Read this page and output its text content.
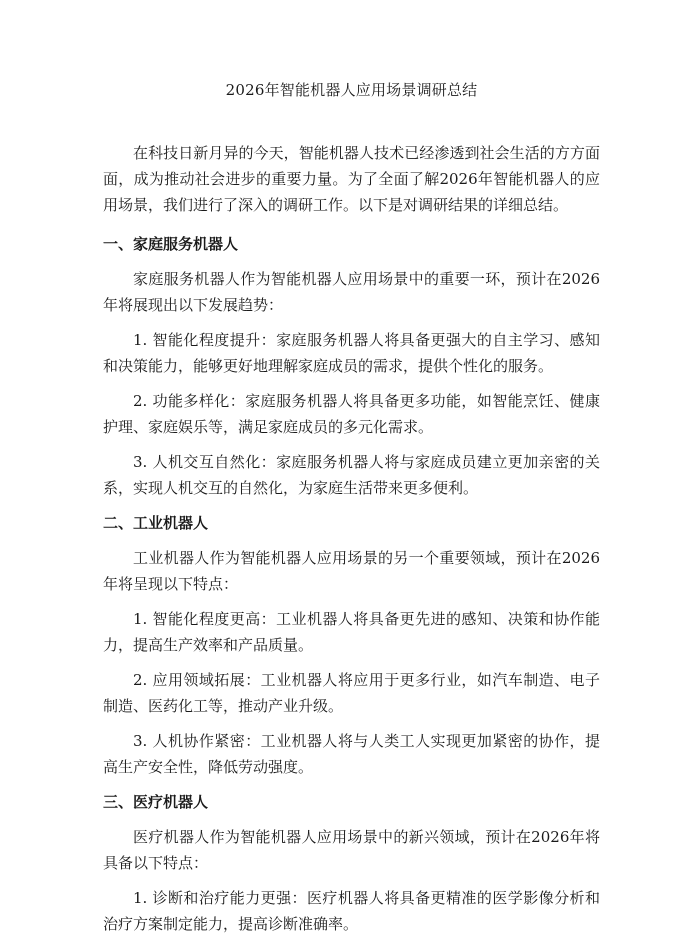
2026年智能机器人应用场景调研总结

在科技日新月异的今天，智能机器人技术已经渗透到社会生活的方方面面，成为推动社会进步的重要力量。为了全面了解2026年智能机器人的应用场景，我们进行了深入的调研工作。以下是对调研结果的详细总结。

一、家庭服务机器人

家庭服务机器人作为智能机器人应用场景中的重要一环，预计在2026年将展现出以下发展趋势：

1. 智能化程度提升：家庭服务机器人将具备更强大的自主学习、感知和决策能力，能够更好地理解家庭成员的需求，提供个性化的服务。

2. 功能多样化：家庭服务机器人将具备更多功能，如智能烹饪、健康护理、家庭娱乐等，满足家庭成员的多元化需求。

3. 人机交互自然化：家庭服务机器人将与家庭成员建立更加亲密的关系，实现人机交互的自然化，为家庭生活带来更多便利。

二、工业机器人

工业机器人作为智能机器人应用场景的另一个重要领域，预计在2026年将呈现以下特点：

1. 智能化程度更高：工业机器人将具备更先进的感知、决策和协作能力，提高生产效率和产品质量。

2. 应用领域拓展：工业机器人将应用于更多行业，如汽车制造、电子制造、医药化工等，推动产业升级。

3. 人机协作紧密：工业机器人将与人类工人实现更加紧密的协作，提高生产安全性，降低劳动强度。

三、医疗机器人

医疗机器人作为智能机器人应用场景中的新兴领域，预计在2026年将具备以下特点：

1. 诊断和治疗能力更强：医疗机器人将具备更精准的医学影像分析和治疗方案制定能力，提高诊断准确率。
